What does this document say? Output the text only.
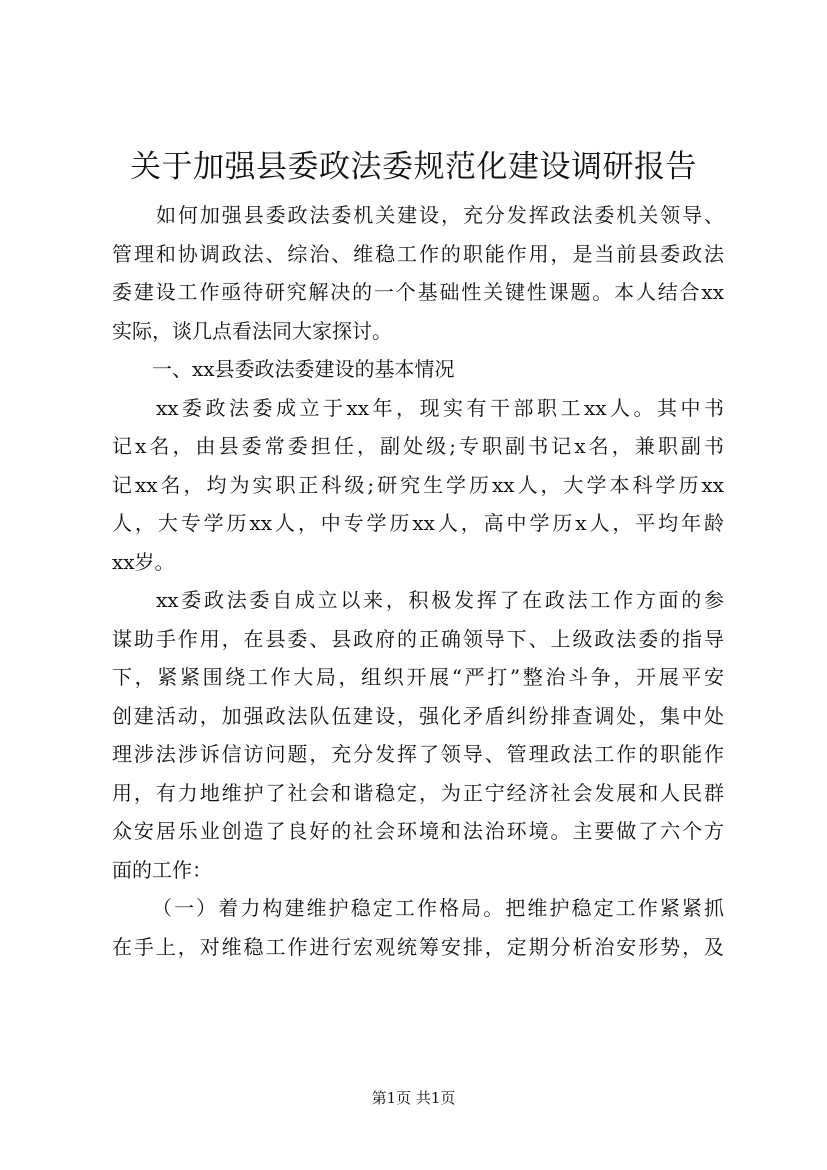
关于加强县委政法委规范化建设调研报告
如何加强县委政法委机关建设，充分发挥政法委机关领导、
管理和协调政法、综治、维稳工作的职能作用，是当前县委政法
委建设工作亟待研究解决的一个基础性关键性课题。本人结合xx
实际，谈几点看法同大家探讨。
一、xx县委政法委建设的基本情况
xx委政法委成立于xx年，现实有干部职工xx人。其中书
记x名，由县委常委担任，副处级;专职副书记x名，兼职副书
记xx名，均为实职正科级;研究生学历xx人，大学本科学历xx
人，大专学历xx人，中专学历xx人，高中学历x人，平均年龄
xx岁。
xx委政法委自成立以来，积极发挥了在政法工作方面的参
谋助手作用，在县委、县政府的正确领导下、上级政法委的指导
下，紧紧围绕工作大局，组织开展“严打”整治斗争，开展平安
创建活动，加强政法队伍建设，强化矛盾纠纷排查调处，集中处
理涉法涉诉信访问题，充分发挥了领导、管理政法工作的职能作
用，有力地维护了社会和谐稳定，为正宁经济社会发展和人民群
众安居乐业创造了良好的社会环境和法治环境。主要做了六个方
面的工作：
（一）着力构建维护稳定工作格局。把维护稳定工作紧紧抓
在手上，对维稳工作进行宏观统筹安排，定期分析治安形势，及
第1页 共1页
